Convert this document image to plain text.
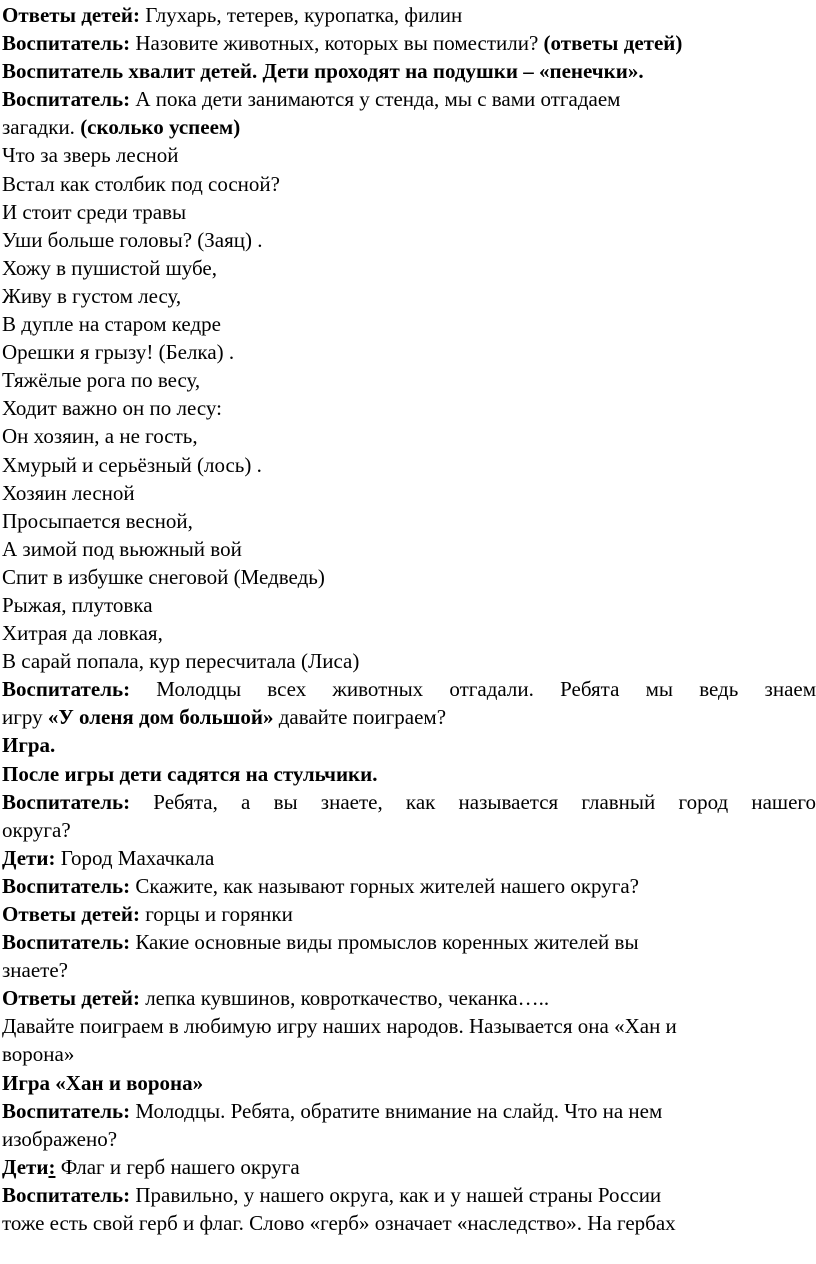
Ответы детей: Глухарь, тетерев, куропатка, филин
Воспитатель: Назовите животных, которых вы поместили? (ответы детей)
Воспитатель хвалит детей. Дети проходят на подушки – «пенечки».
Воспитатель: А пока дети занимаются у стенда, мы с вами отгадаем
загадки. (сколько успеем)
Что за зверь лесной
Встал как столбик под сосной?
И стоит среди травы
Уши больше головы? (Заяц) .
Хожу в пушистой шубе,
Живу в густом лесу,
В дупле на старом кедре
Орешки я грызу! (Белка) .
Тяжёлые рога по весу,
Ходит важно он по лесу:
Он хозяин, а не гость,
Хмурый и серьёзный (лось) .
Хозяин лесной
Просыпается весной,
А зимой под вьюжный вой
Спит в избушке снеговой (Медведь)
Рыжая, плутовка
Хитрая да ловкая,
В сарай попала, кур пересчитала (Лиса)
Воспитатель: Молодцы всех животных отгадали. Ребята мы ведь знаем
игру «У оленя дом большой» давайте поиграем?
Игра.
После игры дети садятся на стульчики.
Воспитатель: Ребята, а вы знаете, как называется главный город нашего
округа?
Дети: Город Махачкала
Воспитатель: Скажите, как называют горных жителей нашего округа?
Ответы детей: горцы и горянки
Воспитатель: Какие основные виды промыслов коренных жителей вы
знаете?
Ответы детей: лепка кувшинов, ковроткачество, чеканка…..
Давайте поиграем в любимую игру наших народов. Называется она «Хан и
ворона»
Игра «Хан и ворона»
Воспитатель: Молодцы. Ребята, обратите внимание на слайд. Что на нем
изображено?
Дети: Флаг и герб нашего округа
Воспитатель: Правильно, у нашего округа, как и у нашей страны России
тоже есть свой герб и флаг. Слово «герб» означает «наследство». На гербах
